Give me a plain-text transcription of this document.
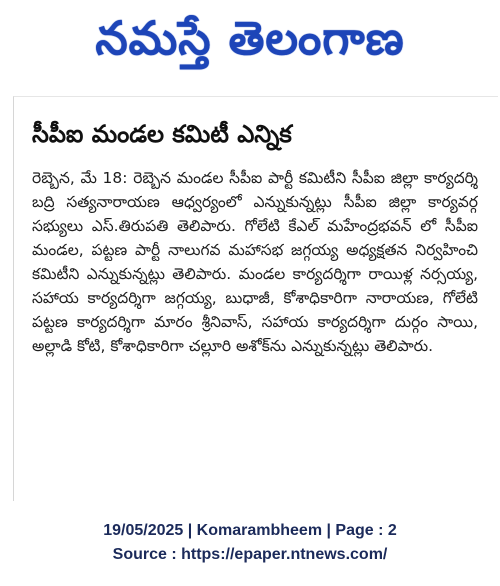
నమస్తే తెలంగాణ
సీపీఐ మండల కమిటీ ఎన్నిక
రెబ్బెన, మే 18: రెబ్బెన మండల సీపీఐ పార్టీ కమిటీని సీపీఐ జిల్లా కార్యదర్శి బద్రి సత్యనారాయణ ఆధ్వర్యంలో ఎన్నుకున్నట్లు సీపీఐ జిల్లా కార్యవర్గ సభ్యులు ఎస్.తిరుపతి తెలిపారు. గోలేటి కేఎల్ మహేంద్రభవన్ లో సీపీఐ మండల, పట్టణ పార్టీ నాలుగవ మహాసభ జగ్గయ్య అధ్యక్షతన నిర్వహించి కమిటీని ఎన్నుకున్నట్లు తెలిపారు. మండల కార్యదర్శిగా రాయిళ్ల నర్సయ్య, సహాయ కార్యదర్శిగా జగ్గయ్య, బుధాజీ, కోశాధికారిగా నారాయణ, గోలేటి పట్టణ కార్యదర్శిగా మారం శ్రీనివాస్, సహాయ కార్యదర్శిగా దుర్గం సాయి, అల్లాడి కోటి, కోశాధికారిగా చల్లూరి అశోక్‌ను ఎన్నుకున్నట్లు తెలిపారు.
19/05/2025 | Komarambheem | Page : 2
Source : https://epaper.ntnews.com/
